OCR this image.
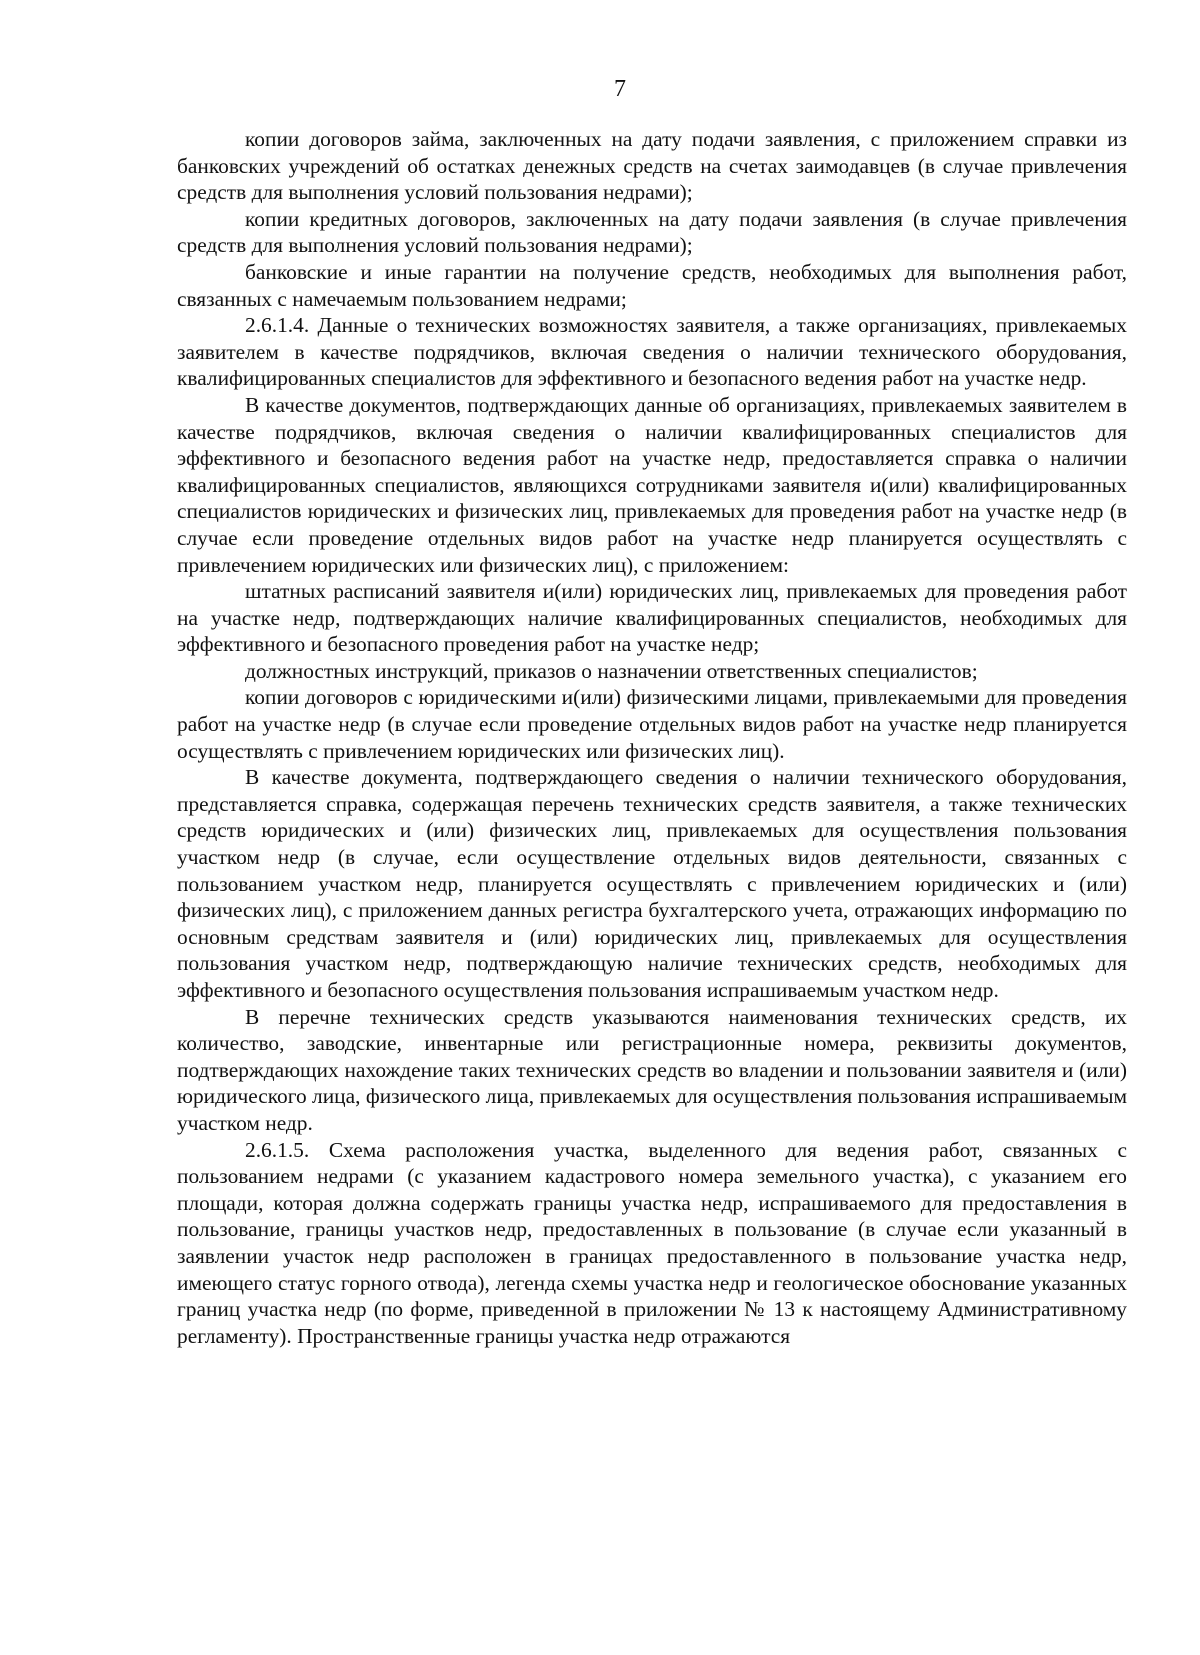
7

копии договоров займа, заключенных на дату подачи заявления, с приложением справки из банковских учреждений об остатках денежных средств на счетах заимодавцев (в случае привлечения средств для выполнения условий пользования недрами);

копии кредитных договоров, заключенных на дату подачи заявления (в случае привлечения средств для выполнения условий пользования недрами);

банковские и иные гарантии на получение средств, необходимых для выполнения работ, связанных с намечаемым пользованием недрами;

2.6.1.4. Данные о технических возможностях заявителя, а также организациях, привлекаемых заявителем в качестве подрядчиков, включая сведения о наличии технического оборудования, квалифицированных специалистов для эффективного и безопасного ведения работ на участке недр.

В качестве документов, подтверждающих данные об организациях, привлекаемых заявителем в качестве подрядчиков, включая сведения о наличии квалифицированных специалистов для эффективного и безопасного ведения работ на участке недр, предоставляется справка о наличии квалифицированных специалистов, являющихся сотрудниками заявителя и(или) квалифицированных специалистов юридических и физических лиц, привлекаемых для проведения работ на участке недр (в случае если проведение отдельных видов работ на участке недр планируется осуществлять с привлечением юридических или физических лиц), с приложением:

штатных расписаний заявителя и(или) юридических лиц, привлекаемых для проведения работ на участке недр, подтверждающих наличие квалифицированных специалистов, необходимых для эффективного и безопасного проведения работ на участке недр;

должностных инструкций, приказов о назначении ответственных специалистов;

копии договоров с юридическими и(или) физическими лицами, привлекаемыми для проведения работ на участке недр (в случае если проведение отдельных видов работ на участке недр планируется осуществлять с привлечением юридических или физических лиц).

В качестве документа, подтверждающего сведения о наличии технического оборудования, представляется справка, содержащая перечень технических средств заявителя, а также технических средств юридических и (или) физических лиц, привлекаемых для осуществления пользования участком недр (в случае, если осуществление отдельных видов деятельности, связанных с пользованием участком недр, планируется осуществлять с привлечением юридических и (или) физических лиц), с приложением данных регистра бухгалтерского учета, отражающих информацию по основным средствам заявителя и (или) юридических лиц, привлекаемых для осуществления пользования участком недр, подтверждающую наличие технических средств, необходимых для эффективного и безопасного осуществления пользования испрашиваемым участком недр.

В перечне технических средств указываются наименования технических средств, их количество, заводские, инвентарные или регистрационные номера, реквизиты документов, подтверждающих нахождение таких технических средств во владении и пользовании заявителя и (или) юридического лица, физического лица, привлекаемых для осуществления пользования испрашиваемым участком недр.

2.6.1.5. Схема расположения участка, выделенного для ведения работ, связанных с пользованием недрами (с указанием кадастрового номера земельного участка), с указанием его площади, которая должна содержать границы участка недр, испрашиваемого для предоставления в пользование, границы участков недр, предоставленных в пользование (в случае если указанный в заявлении участок недр расположен в границах предоставленного в пользование участка недр, имеющего статус горного отвода), легенда схемы участка недр и геологическое обоснование указанных границ участка недр (по форме, приведенной в приложении № 13 к настоящему Административному регламенту). Пространственные границы участка недр отражаются
